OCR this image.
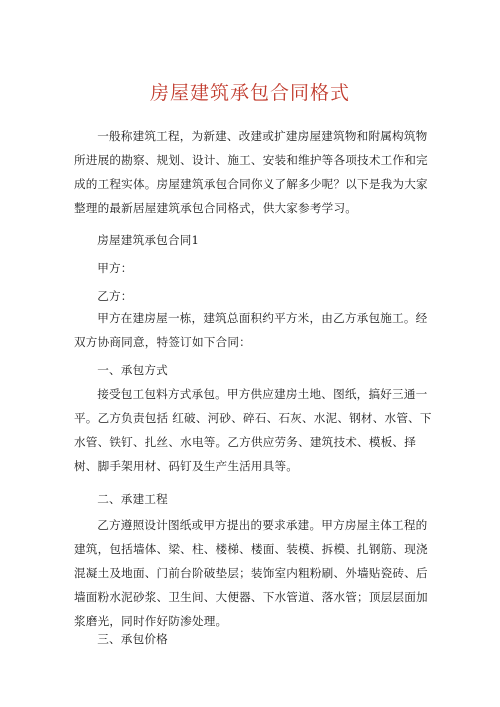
房屋建筑承包合同格式
一般称建筑工程，为新建、改建或扩建房屋建筑物和附属构筑物所进展的勘察、规划、设计、施工、安装和维护等各项技术工作和完成的工程实体。房屋建筑承包合同你义了解多少呢？以下是我为大家整理的最新居屋建筑承包合同格式，供大家参考学习。
房屋建筑承包合同1
甲方：
乙方：
甲方在建房屋一栋，建筑总面积约平方米，由乙方承包施工。经双方协商同意，特签订如下合同：
一、承包方式
接受包工包料方式承包。甲方供应建房土地、图纸，搞好三通一平。乙方负责包括 红破、河砂、碎石、石灰、水泥、钢材、水管、下水管、铁钉、扎丝、水电等。乙方供应劳务、建筑技术、模板、择树、脚手架用材、码钉及生产生活用具等。
二、承建工程
乙方遵照设计图纸或甲方提出的要求承建。甲方房屋主体工程的建筑，包括墙体、梁、柱、楼梯、楼面、装模、拆模、扎钢筋、现浇混凝土及地面、门前台阶破垫层；装饰室内粗粉刷、外墙贴瓷砖、后墙面粉水泥砂浆、卫生间、大便器、下水管道、落水管；顶层层面加浆磨光，同时作好防渗处理。
三、承包价格
